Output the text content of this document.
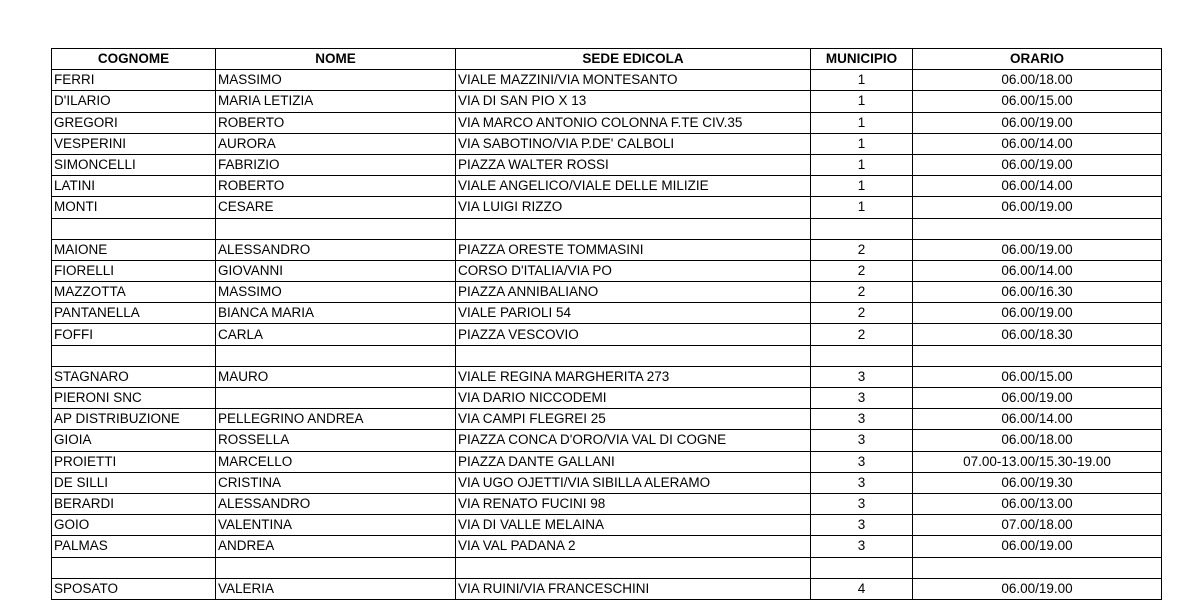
COGNOME	NOME	SEDE EDICOLA	MUNICIPIO	ORARIO
FERRI	MASSIMO	VIALE MAZZINI/VIA MONTESANTO	1	06.00/18.00
D'ILARIO	MARIA LETIZIA	VIA DI SAN PIO X 13	1	06.00/15.00
GREGORI	ROBERTO	VIA MARCO ANTONIO COLONNA F.TE CIV.35	1	06.00/19.00
VESPERINI	AURORA	VIA SABOTINO/VIA P.DE' CALBOLI	1	06.00/14.00
SIMONCELLI	FABRIZIO	PIAZZA WALTER ROSSI	1	06.00/19.00
LATINI	ROBERTO	VIALE ANGELICO/VIALE DELLE MILIZIE	1	06.00/14.00
MONTI	CESARE	VIA LUIGI RIZZO	1	06.00/19.00

MAIONE	ALESSANDRO	PIAZZA ORESTE TOMMASINI	2	06.00/19.00
FIORELLI	GIOVANNI	CORSO D'ITALIA/VIA PO	2	06.00/14.00
MAZZOTTA	MASSIMO	PIAZZA ANNIBALIANO	2	06.00/16.30
PANTANELLA	BIANCA MARIA	VIALE PARIOLI 54	2	06.00/19.00
FOFFI	CARLA	PIAZZA VESCOVIO	2	06.00/18.30

STAGNARO	MAURO	VIALE REGINA MARGHERITA 273	3	06.00/15.00
PIERONI SNC		VIA DARIO NICCODEMI	3	06.00/19.00
AP DISTRIBUZIONE	PELLEGRINO ANDREA	VIA CAMPI FLEGREI 25	3	06.00/14.00
GIOIA	ROSSELLA	PIAZZA CONCA D'ORO/VIA VAL DI COGNE	3	06.00/18.00
PROIETTI	MARCELLO	PIAZZA DANTE GALLANI	3	07.00-13.00/15.30-19.00
DE SILLI	CRISTINA	VIA UGO OJETTI/VIA SIBILLA ALERAMO	3	06.00/19.30
BERARDI	ALESSANDRO	VIA RENATO FUCINI 98	3	06.00/13.00
GOIO	VALENTINA	VIA DI VALLE MELAINA	3	07.00/18.00
PALMAS	ANDREA	VIA VAL PADANA 2	3	06.00/19.00

SPOSATO	VALERIA	VIA RUINI/VIA FRANCESCHINI	4	06.00/19.00
